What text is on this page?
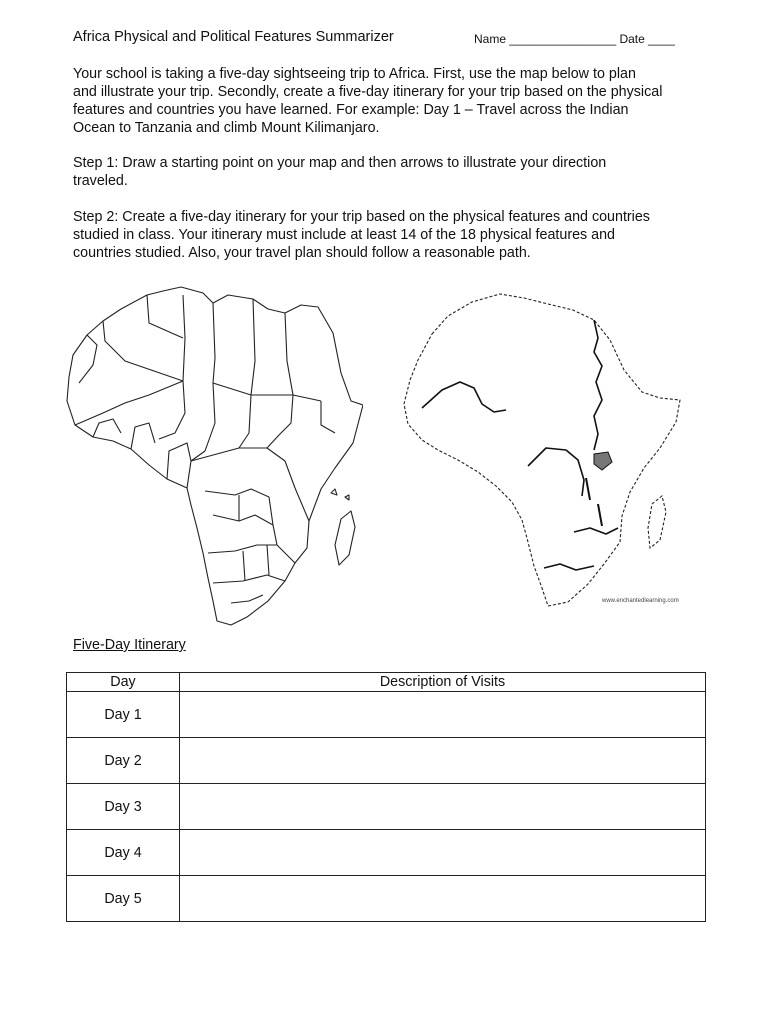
Africa Physical and Political Features Summarizer	Name ________________ Date ____
Your school is taking a five-day sightseeing trip to Africa. First, use the map below to plan
and illustrate your trip. Secondly, create a five-day itinerary for your trip based on the physical
features and countries you have learned. For example: Day 1 – Travel across the Indian
Ocean to Tanzania and climb Mount Kilimanjaro.
Step 1: Draw a starting point on your map and then arrows to illustrate your direction
traveled.
Step 2: Create a five-day itinerary for your trip based on the physical features and countries
studied in class. Your itinerary must include at least 14 of the 18 physical features and
countries studied. Also, your travel plan should follow a reasonable path.
www.enchantedlearning.com
Five-Day Itinerary
Day	Description of Visits
Day 1	
Day 2	
Day 3	
Day 4	
Day 5	
